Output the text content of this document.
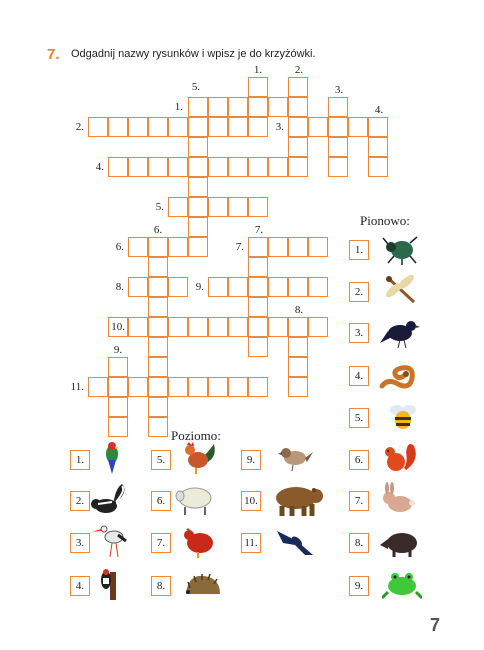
7. Odgadnij nazwy rysunków i wpisz je do krzyżówki.
1.	2.
3.
4.
5.
6.	7.
8.
9.
1.
2.	3.
4.
5.
6.	7.
8.	9.
10.
11.
Pionowo:
Poziomo:
1.
2.
3.
4.
5.
6.
7.
8.
9.
1.
2.
3.
4.
5.
6.
7.
8.
9.
10.
11.
7
